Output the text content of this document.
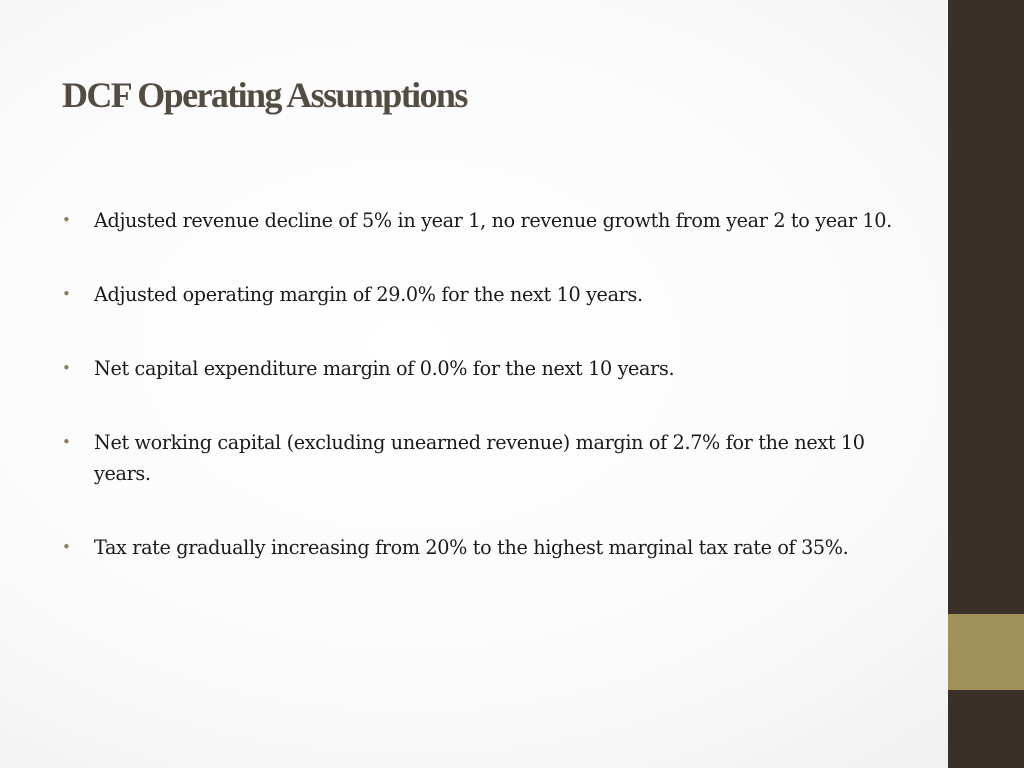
DCF Operating Assumptions
• Adjusted revenue decline of 5% in year 1, no revenue growth from year 2 to year 10.
• Adjusted operating margin of 29.0% for the next 10 years.
• Net capital expenditure margin of 0.0% for the next 10 years.
• Net working capital (excluding unearned revenue) margin of 2.7% for the next 10 years.
• Tax rate gradually increasing from 20% to the highest marginal tax rate of 35%.
